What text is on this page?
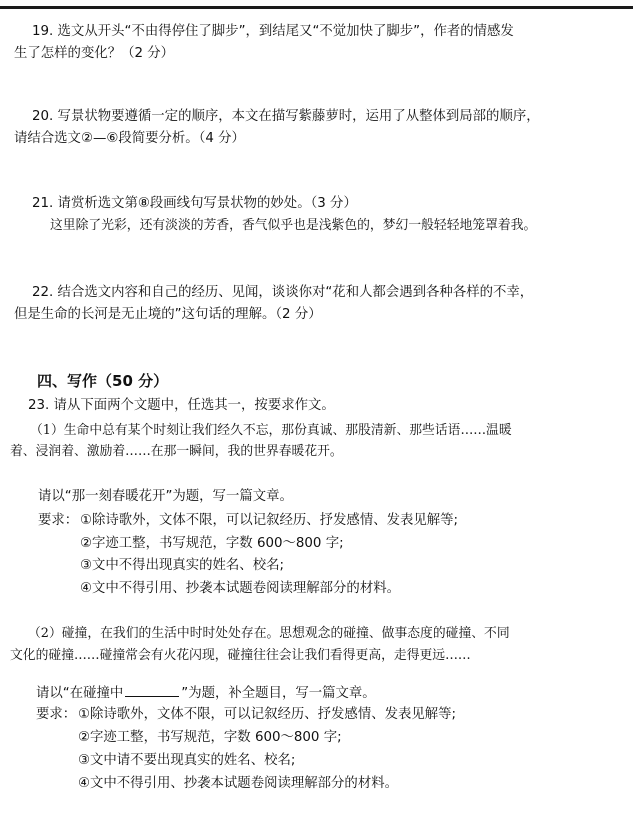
19. 选文从开头“不由得停住了脚步”，到结尾又“不觉加快了脚步”，作者的情感发
生了怎样的变化？（2 分）
20. 写景状物要遵循一定的顺序，本文在描写紫藤萝时，运用了从整体到局部的顺序，
请结合选文②—⑥段简要分析。（4 分）
21. 请赏析选文第⑧段画线句写景状物的妙处。（3 分）
这里除了光彩，还有淡淡的芳香，香气似乎也是浅紫色的，梦幻一般轻轻地笼罩着我。
22. 结合选文内容和自己的经历、见闻，谈谈你对“花和人都会遇到各种各样的不幸，
但是生命的长河是无止境的”这句话的理解。（2 分）
四、写作（50 分）
23. 请从下面两个文题中，任选其一，按要求作文。
（1）生命中总有某个时刻让我们经久不忘，那份真诚、那股清新、那些话语……温暖
着、浸润着、激励着……在那一瞬间，我的世界春暖花开。
请以“那一刻春暖花开”为题，写一篇文章。
要求： ①除诗歌外，文体不限，可以记叙经历、抒发感情、发表见解等;
②字迹工整，书写规范，字数 600～800 字;
③文中不得出现真实的姓名、校名;
④文中不得引用、抄袭本试题卷阅读理解部分的材料。
（2）碰撞，在我们的生活中时时处处存在。思想观念的碰撞、做事态度的碰撞、不同
文化的碰撞……碰撞常会有火花闪现，碰撞往往会让我们看得更高，走得更远……
请以“在碰撞中	”为题，补全题目，写一篇文章。
要求： ①除诗歌外，文体不限，可以记叙经历、抒发感情、发表见解等;
②字迹工整，书写规范，字数 600～800 字;
③文中请不要出现真实的姓名、校名;
④文中不得引用、抄袭本试题卷阅读理解部分的材料。
